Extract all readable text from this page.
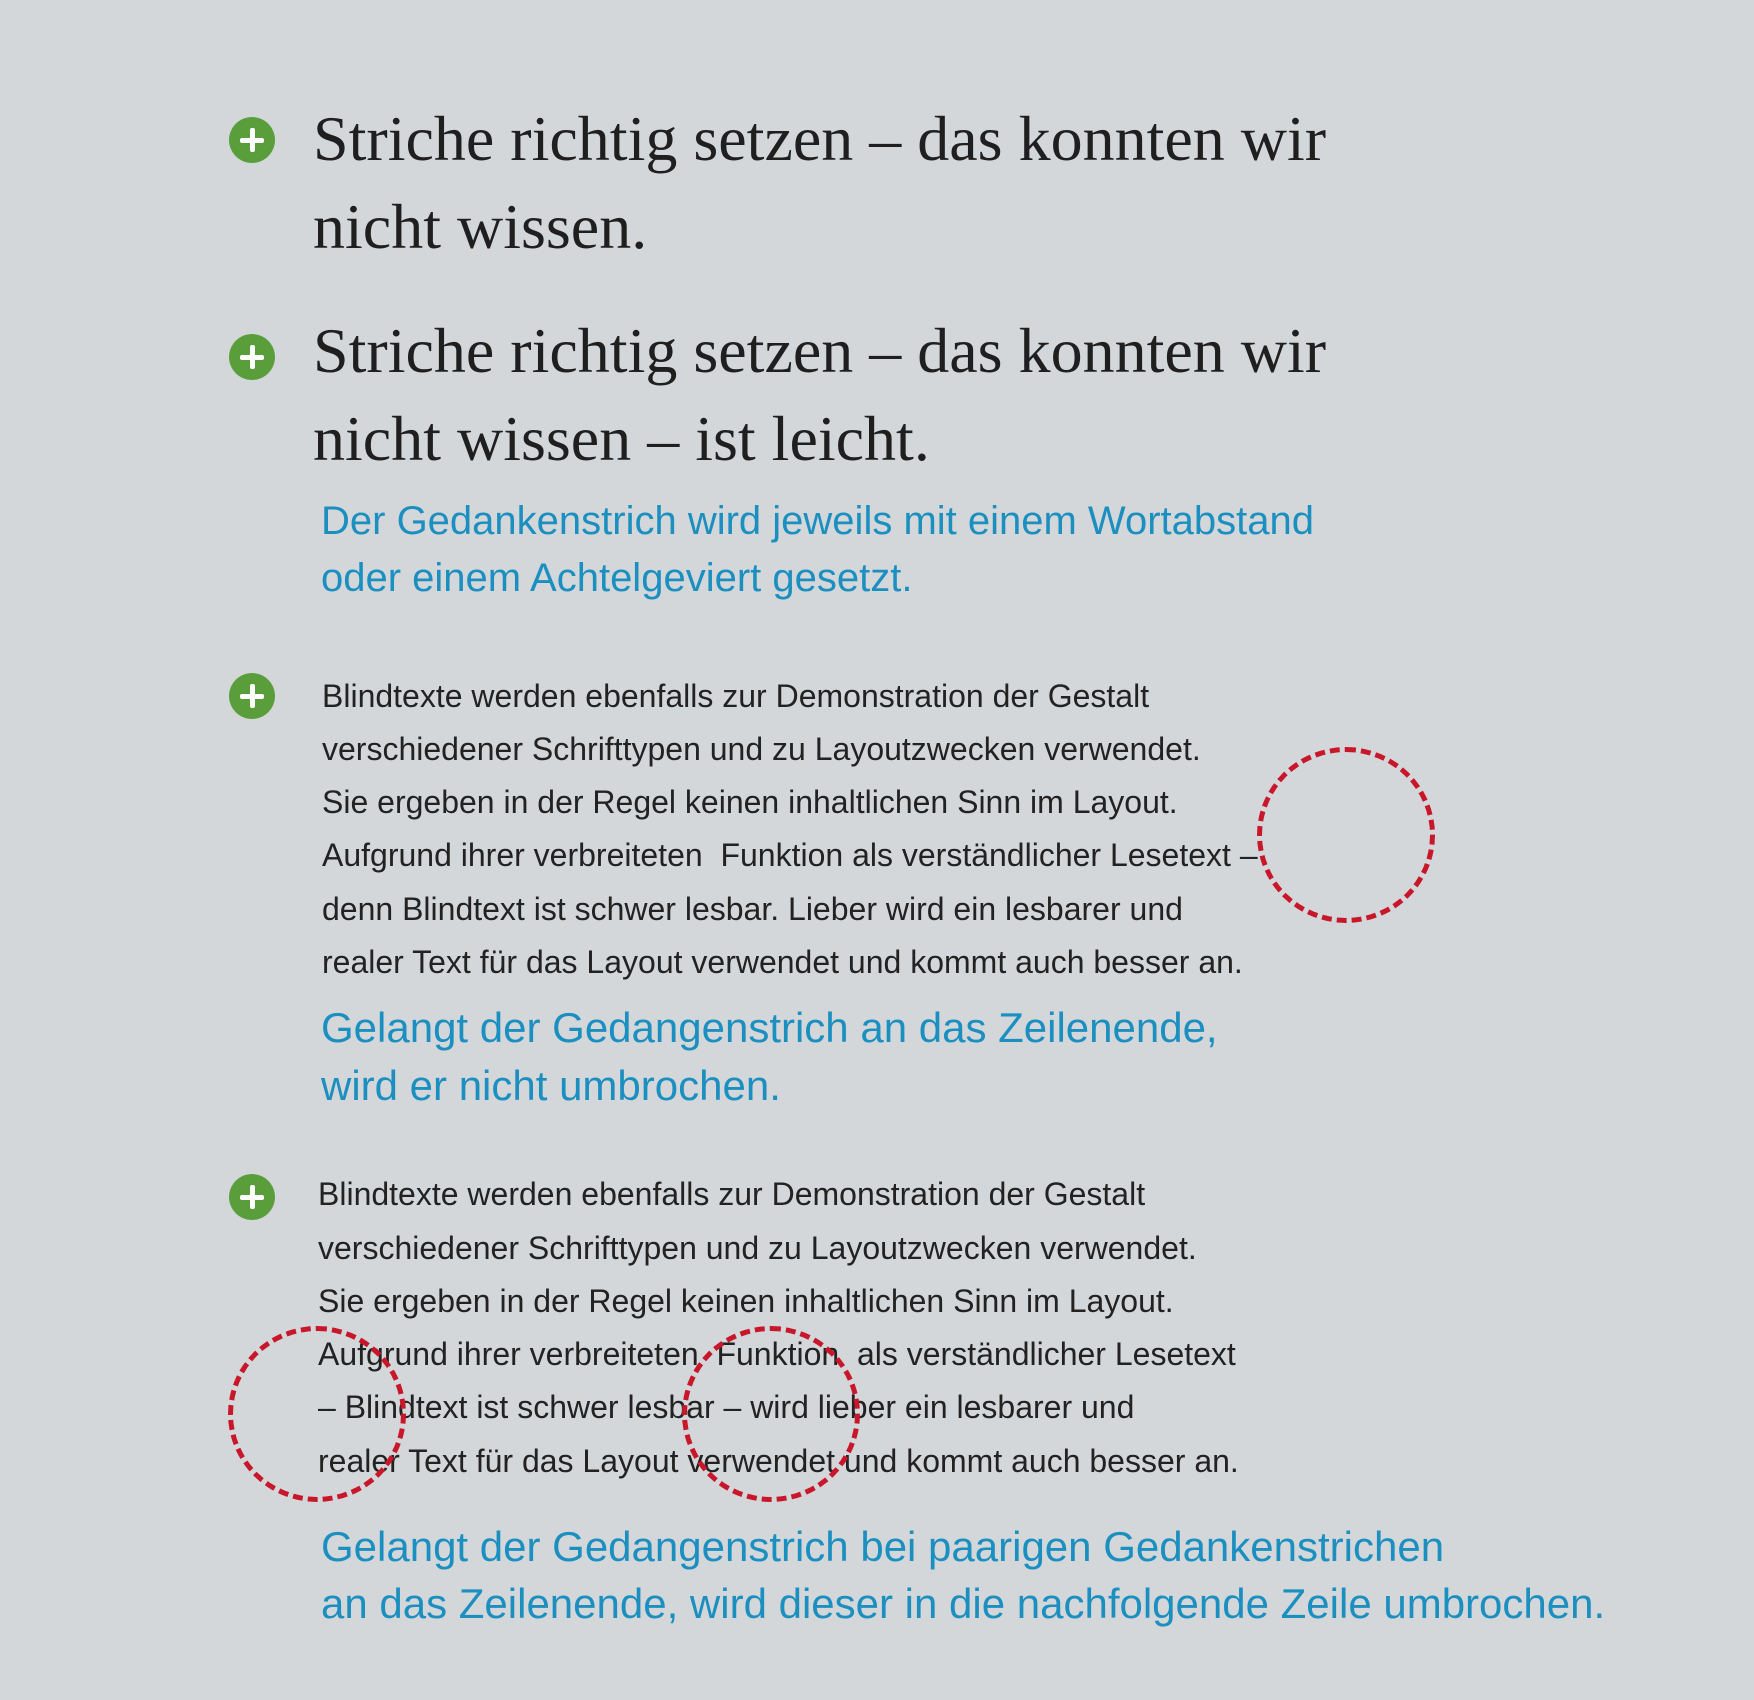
Striche richtig setzen – das konnten wir
nicht wissen.
Striche richtig setzen – das konnten wir
nicht wissen – ist leicht.
Der Gedankenstrich wird jeweils mit einem Wortabstand
oder einem Achtelgeviert gesetzt.
Blindtexte werden ebenfalls zur Demonstration der Gestalt
verschiedener Schrifttypen und zu Layoutzwecken verwendet.
Sie ergeben in der Regel keinen inhaltlichen Sinn im Layout.
Aufgrund ihrer verbreiteten  Funktion als verständlicher Lesetext –
denn Blindtext ist schwer lesbar. Lieber wird ein lesbarer und
realer Text für das Layout verwendet und kommt auch besser an.
Gelangt der Gedangenstrich an das Zeilenende,
wird er nicht umbrochen.
Blindtexte werden ebenfalls zur Demonstration der Gestalt
verschiedener Schrifttypen und zu Layoutzwecken verwendet.
Sie ergeben in der Regel keinen inhaltlichen Sinn im Layout.
Aufgrund ihrer verbreiteten  Funktion  als verständlicher Lesetext
– Blindtext ist schwer lesbar – wird lieber ein lesbarer und
realer Text für das Layout verwendet und kommt auch besser an.
Gelangt der Gedangenstrich bei paarigen Gedankenstrichen
an das Zeilenende, wird dieser in die nachfolgende Zeile umbrochen.
